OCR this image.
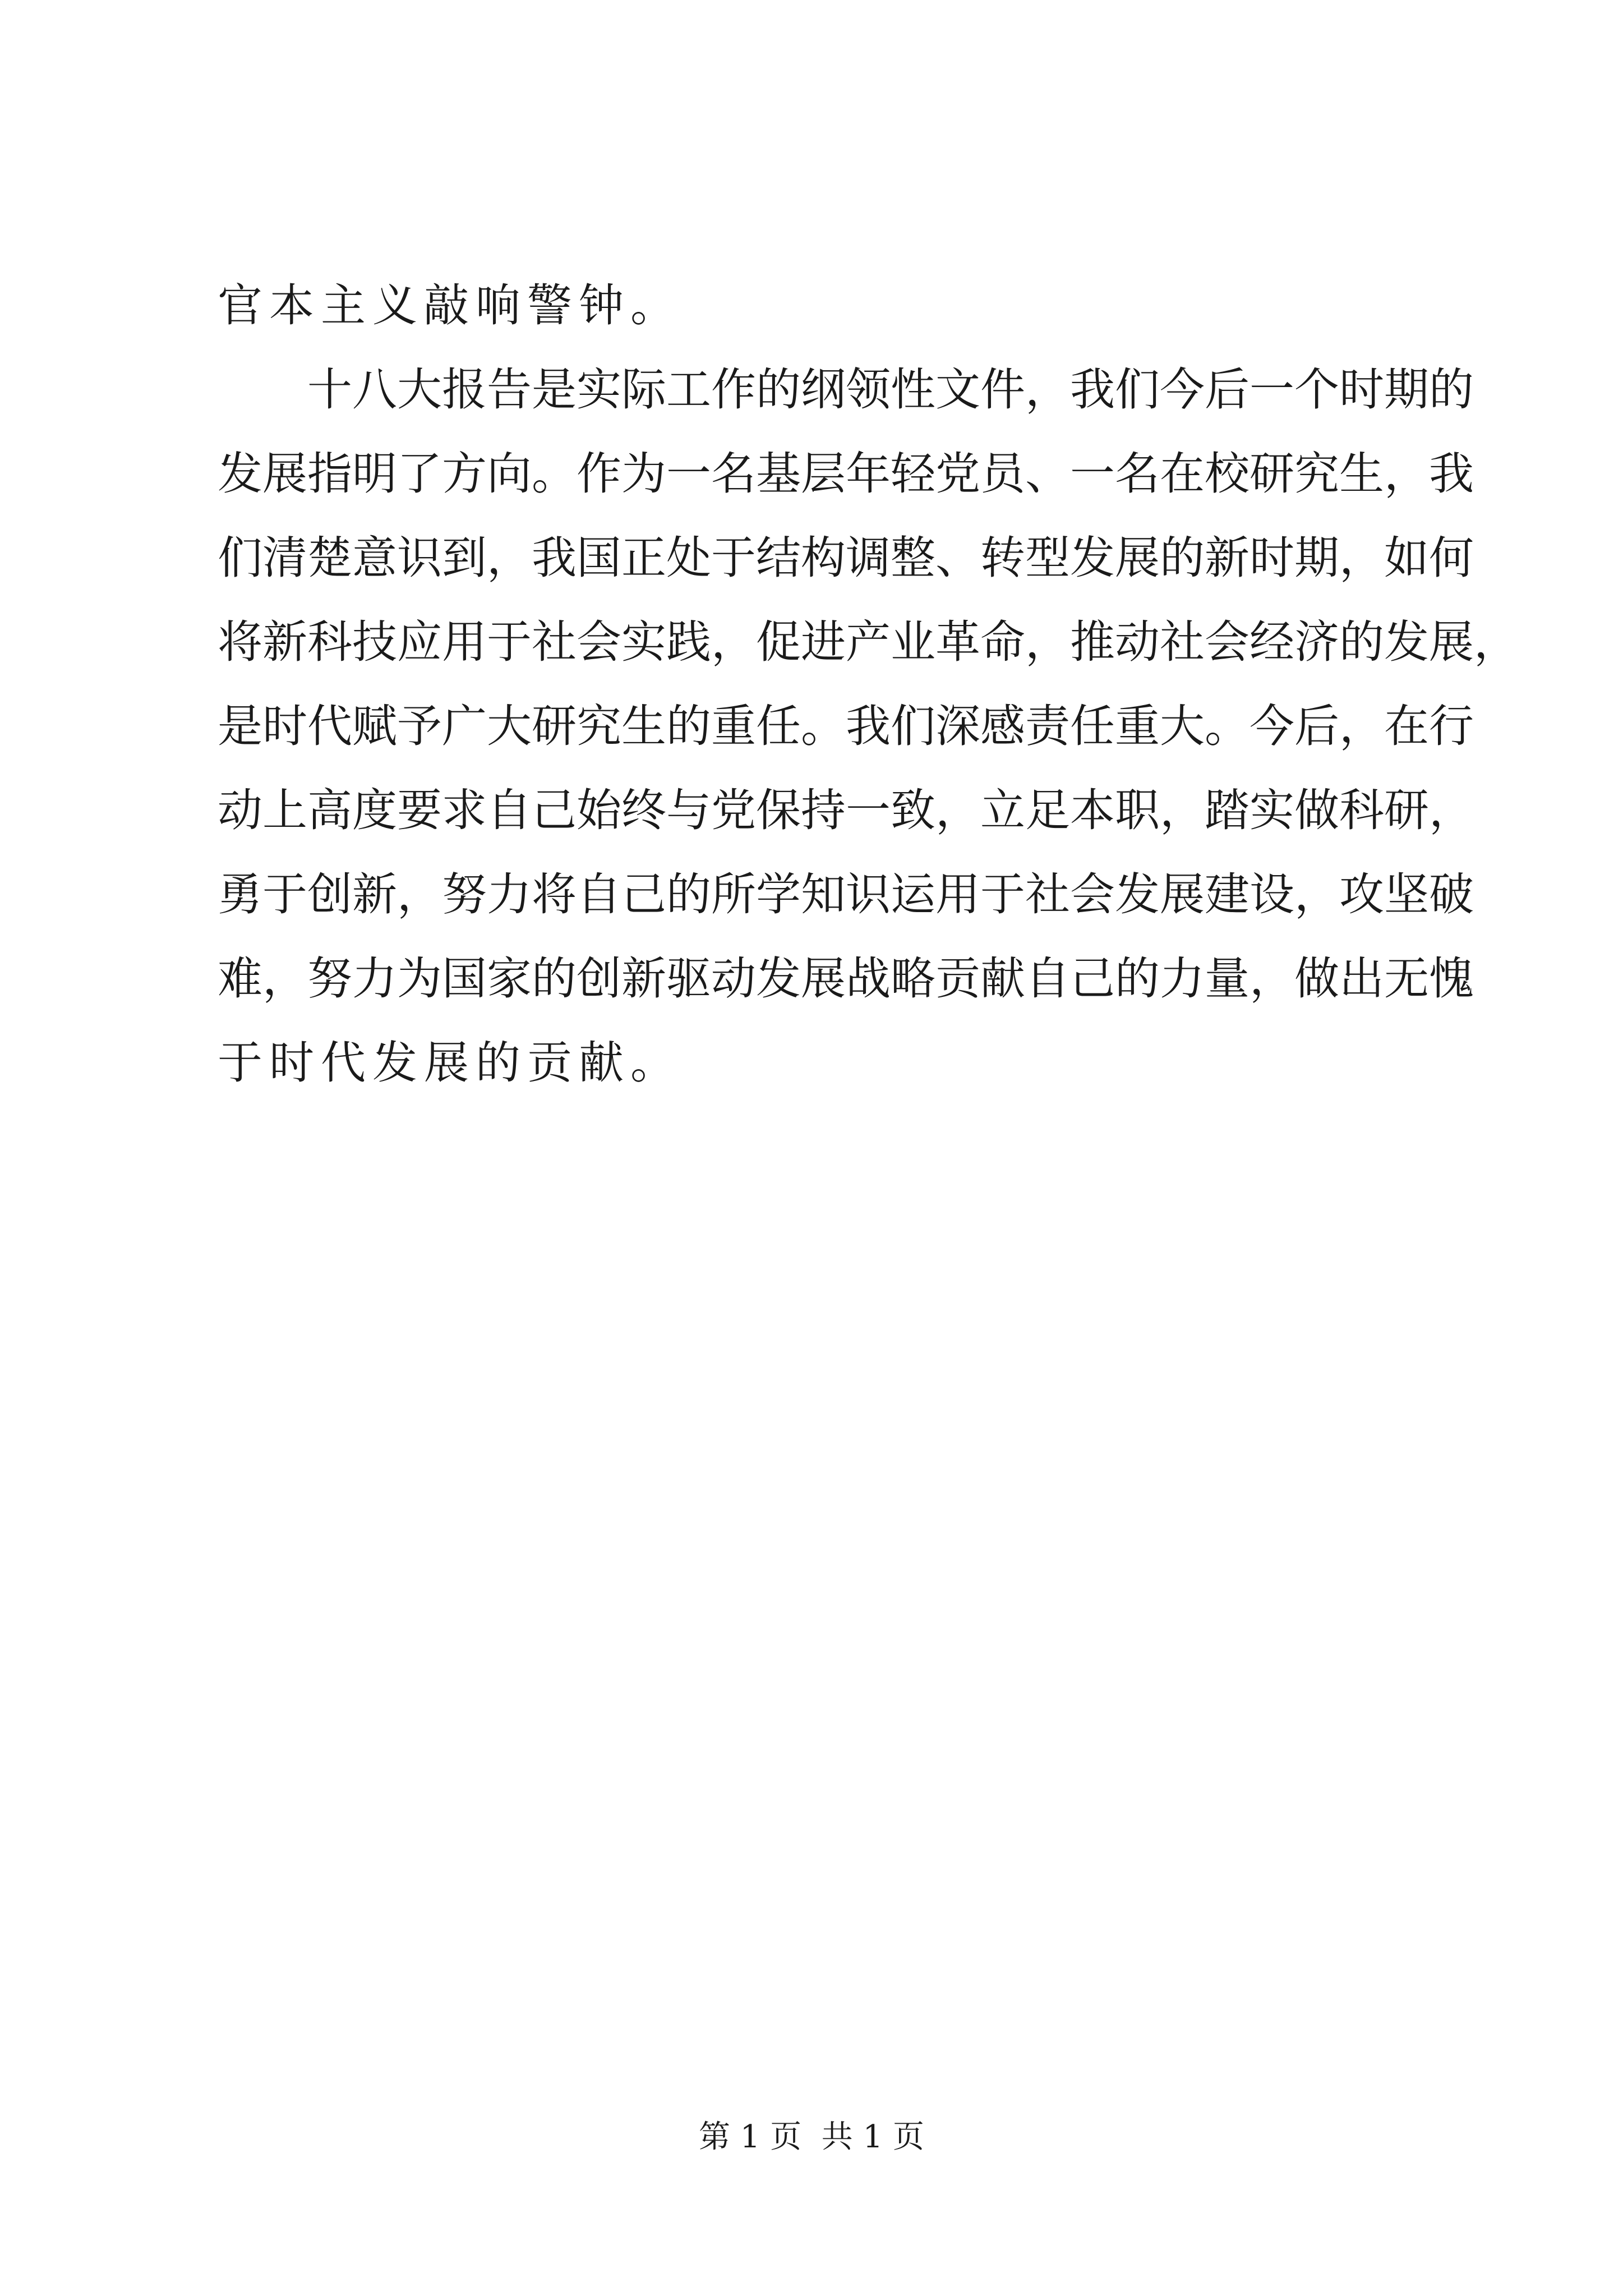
官本主义敲响警钟。
十八大报告是实际工作的纲领性文件，我们今后一个时期的
发展指明了方向。作为一名基层年轻党员、一名在校研究生，我
们清楚意识到，我国正处于结构调整、转型发展的新时期，如何
将新科技应用于社会实践，促进产业革命，推动社会经济的发展，
是时代赋予广大研究生的重任。我们深感责任重大。今后，在行
动上高度要求自己始终与党保持一致，立足本职，踏实做科研，
勇于创新，努力将自己的所学知识运用于社会发展建设，攻坚破
难，努力为国家的创新驱动发展战略贡献自己的力量，做出无愧
于时代发展的贡献。
第 1 页  共 1 页
